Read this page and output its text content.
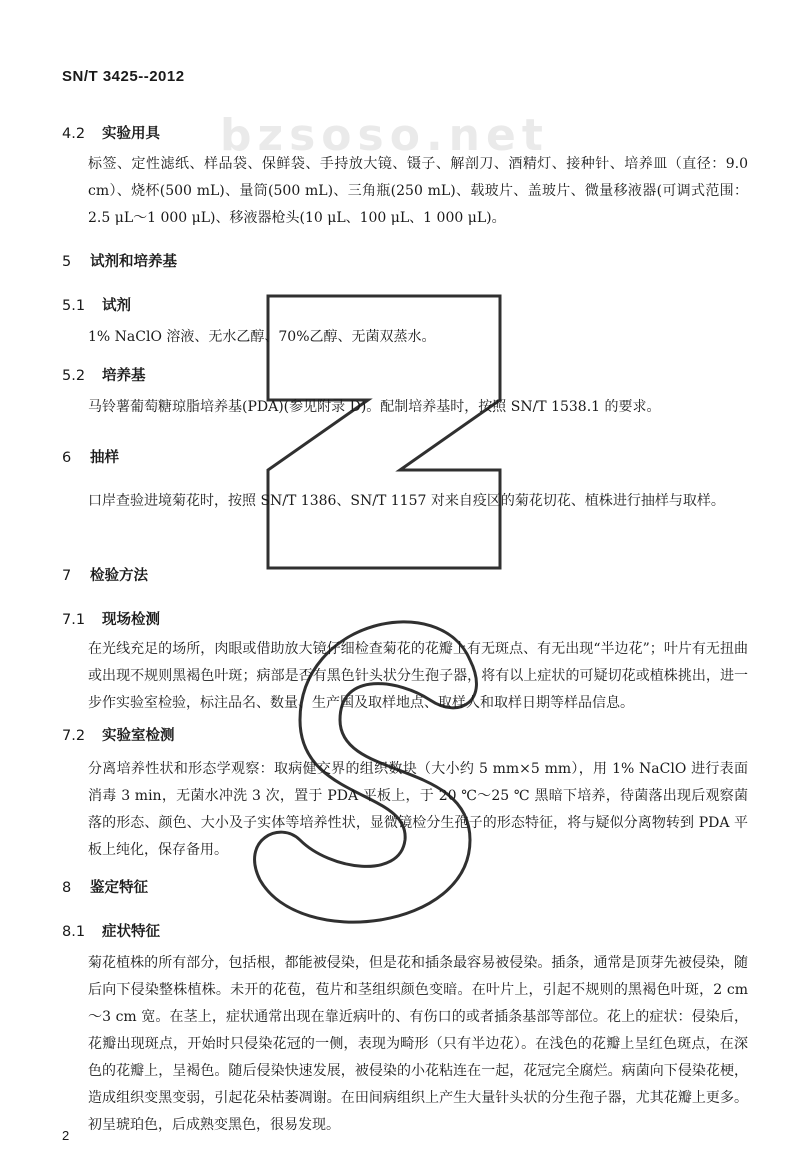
SN/T 3425--2012
4.2 实验用具
标签、定性滤纸、样品袋、保鲜袋、手持放大镜、镊子、解剖刀、酒精灯、接种针、培养皿（直径：9.0 cm）、烧杯(500 mL)、量筒(500 mL)、三角瓶(250 mL)、载玻片、盖玻片、微量移液器(可调式范围：2.5 μL～1 000 μL)、移液器枪头(10 μL、100 μL、1 000 μL)。
5 试剂和培养基
5.1 试剂
1% NaClO 溶液、无水乙醇、70%乙醇、无菌双蒸水。
5.2 培养基
马铃薯葡萄糖琼脂培养基(PDA)(参见附录 D)。配制培养基时，按照 SN/T 1538.1 的要求。
6 抽样
口岸查验进境菊花时，按照 SN/T 1386、SN/T 1157 对来自疫区的菊花切花、植株进行抽样与取样。
7 检验方法
7.1 现场检测
在光线充足的场所，肉眼或借助放大镜仔细检查菊花的花瓣上有无斑点、有无出现“半边花”；叶片有无扭曲或出现不规则黑褐色叶斑；病部是否有黑色针头状分生孢子器，将有以上症状的可疑切花或植株挑出，进一步作实验室检验，标注品名、数量、生产国及取样地点、取样人和取样日期等样品信息。
7.2 实验室检测
分离培养性状和形态学观察：取病健交界的组织数块（大小约 5 mm×5 mm），用 1% NaClO 进行表面消毒 3 min，无菌水冲洗 3 次，置于 PDA 平板上，于 20 ℃～25 ℃ 黑暗下培养，待菌落出现后观察菌落的形态、颜色、大小及子实体等培养性状，显微镜检分生孢子的形态特征，将与疑似分离物转到 PDA 平板上纯化，保存备用。
8 鉴定特征
8.1 症状特征
菊花植株的所有部分，包括根，都能被侵染，但是花和插条最容易被侵染。插条，通常是顶芽先被侵染，随后向下侵染整株植株。未开的花苞，苞片和茎组织颜色变暗。在叶片上，引起不规则的黑褐色叶斑，2 cm～3 cm 宽。在茎上，症状通常出现在靠近病叶的、有伤口的或者插条基部等部位。花上的症状：侵染后，花瓣出现斑点，开始时只侵染花冠的一侧，表现为畸形（只有半边花）。在浅色的花瓣上呈红色斑点，在深色的花瓣上，呈褐色。随后侵染快速发展，被侵染的小花粘连在一起，花冠完全腐烂。病菌向下侵染花梗，造成组织变黑变弱，引起花朵枯萎凋谢。在田间病组织上产生大量针头状的分生孢子器，尤其花瓣上更多。初呈琥珀色，后成熟变黑色，很易发现。
2
bzsoso.net
